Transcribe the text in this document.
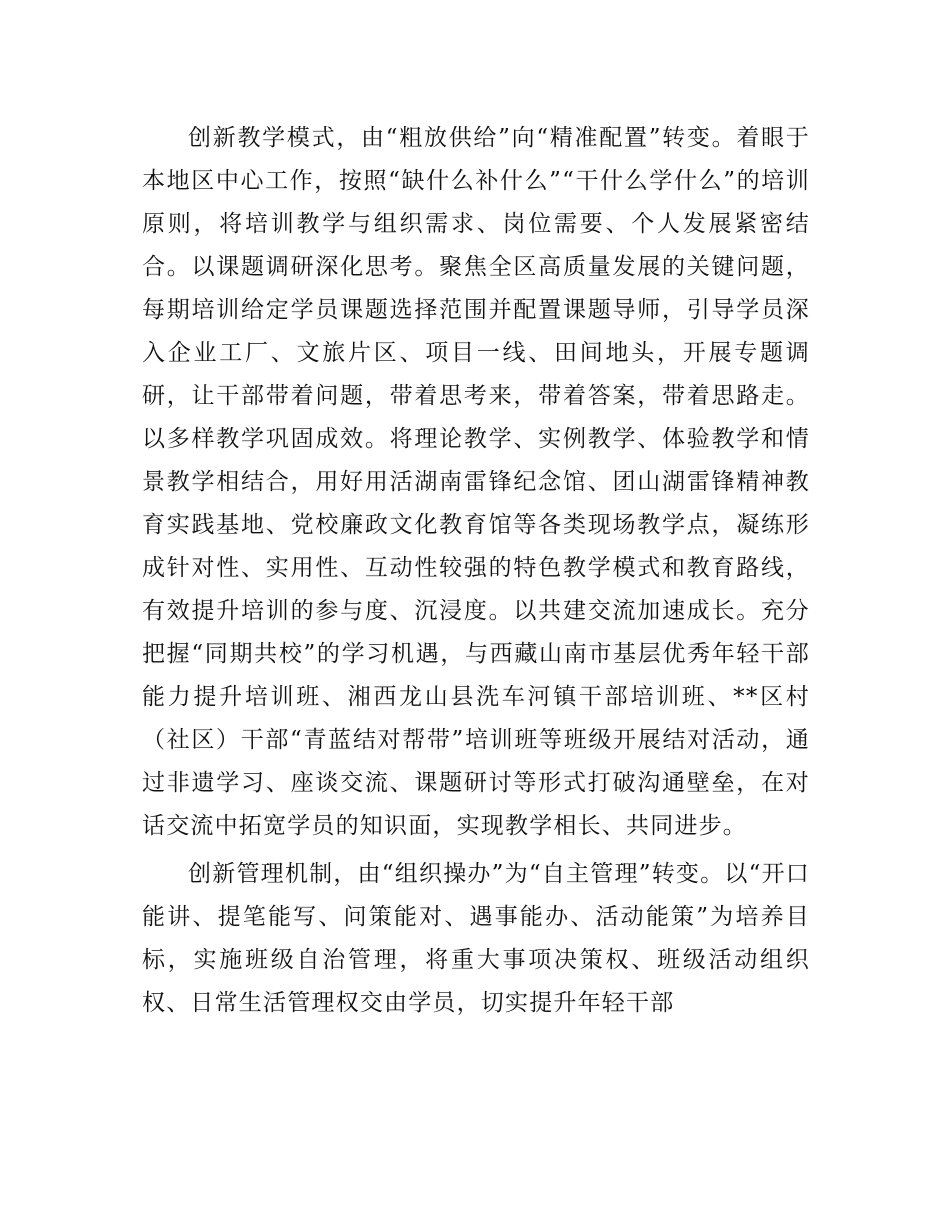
创新教学模式，由“粗放供给”向“精准配置”转变。着眼于本地区中心工作，按照“缺什么补什么”“干什么学什么”的培训原则，将培训教学与组织需求、岗位需要、个人发展紧密结合。以课题调研深化思考。聚焦全区高质量发展的关键问题，每期培训给定学员课题选择范围并配置课题导师，引导学员深入企业工厂、文旅片区、项目一线、田间地头，开展专题调研，让干部带着问题，带着思考来，带着答案，带着思路走。以多样教学巩固成效。将理论教学、实例教学、体验教学和情景教学相结合，用好用活湖南雷锋纪念馆、团山湖雷锋精神教育实践基地、党校廉政文化教育馆等各类现场教学点，凝练形成针对性、实用性、互动性较强的特色教学模式和教育路线，有效提升培训的参与度、沉浸度。以共建交流加速成长。充分把握“同期共校”的学习机遇，与西藏山南市基层优秀年轻干部能力提升培训班、湘西龙山县洗车河镇干部培训班、**区村（社区）干部“青蓝结对帮带”培训班等班级开展结对活动，通过非遗学习、座谈交流、课题研讨等形式打破沟通壁垒，在对话交流中拓宽学员的知识面，实现教学相长、共同进步。

创新管理机制，由“组织操办”为“自主管理”转变。以“开口能讲、提笔能写、问策能对、遇事能办、活动能策”为培养目标，实施班级自治管理，将重大事项决策权、班级活动组织权、日常生活管理权交由学员，切实提升年轻干部
